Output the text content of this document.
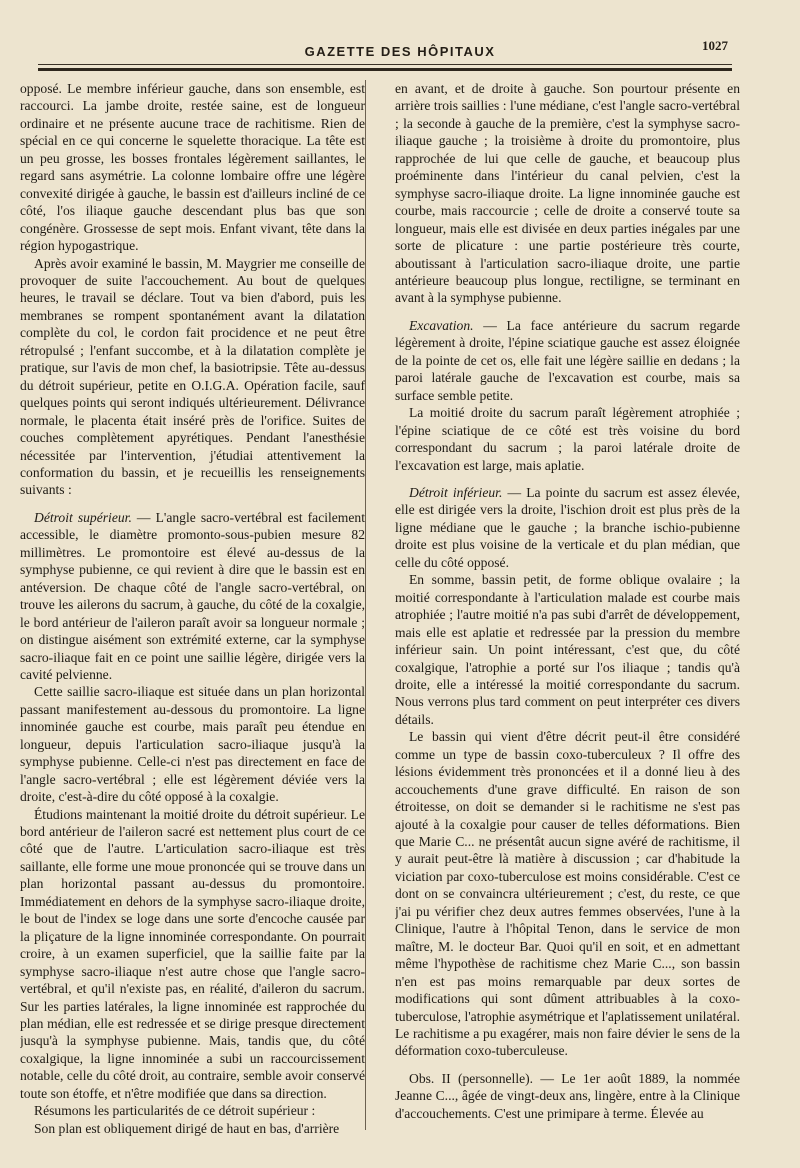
1027
GAZETTE DES HÔPITAUX

opposé. Le membre inférieur gauche, dans son ensemble, est raccourci. La jambe droite, restée saine, est de longueur ordinaire et ne présente aucune trace de rachitisme. Rien de spécial en ce qui concerne le squelette thoracique. La tête est un peu grosse, les bosses frontales légèrement saillantes, le regard sans asymétrie. La colonne lombaire offre une légère convexité dirigée à gauche, le bassin est d'ailleurs incliné de ce côté, l'os iliaque gauche descendant plus bas que son congénère. Grossesse de sept mois. Enfant vivant, tête dans la région hypogastrique.

Après avoir examiné le bassin, M. Maygrier me conseille de provoquer de suite l'accouchement. Au bout de quelques heures, le travail se déclare. Tout va bien d'abord, puis les membranes se rompent spontanément avant la dilatation complète du col, le cordon fait procidence et ne peut être rétropulsé ; l'enfant succombe, et à la dilatation complète je pratique, sur l'avis de mon chef, la basiotripsie. Tête au-dessus du détroit supérieur, petite en O.I.G.A. Opération facile, sauf quelques points qui seront indiqués ultérieurement. Délivrance normale, le placenta était inséré près de l'orifice. Suites de couches complètement apyrétiques. Pendant l'anesthésie nécessitée par l'intervention, j'étudiai attentivement la conformation du bassin, et je recueillis les renseignements suivants :

Détroit supérieur. — L'angle sacro-vertébral est facilement accessible, le diamètre promonto-sous-pubien mesure 82 millimètres. Le promontoire est élevé au-dessus de la symphyse pubienne, ce qui revient à dire que le bassin est en antéversion. De chaque côté de l'angle sacro-vertébral, on trouve les ailerons du sacrum, à gauche, du côté de la coxalgie, le bord antérieur de l'aileron paraît avoir sa longueur normale ; on distingue aisément son extrémité externe, car la symphyse sacro-iliaque fait en ce point une saillie légère, dirigée vers la cavité pelvienne.

Cette saillie sacro-iliaque est située dans un plan horizontal passant manifestement au-dessous du promontoire. La ligne innominée gauche est courbe, mais paraît peu étendue en longueur, depuis l'articulation sacro-iliaque jusqu'à la symphyse pubienne. Celle-ci n'est pas directement en face de l'angle sacro-vertébral ; elle est légèrement déviée vers la droite, c'est-à-dire du côté opposé à la coxalgie.

Étudions maintenant la moitié droite du détroit supérieur. Le bord antérieur de l'aileron sacré est nettement plus court de ce côté que de l'autre. L'articulation sacro-iliaque est très saillante, elle forme une moue prononcée qui se trouve dans un plan horizontal passant au-dessus du promontoire. Immédiatement en dehors de la symphyse sacro-iliaque droite, le bout de l'index se loge dans une sorte d'encoche causée par la pliçature de la ligne innominée correspondante. On pourrait croire, à un examen superficiel, que la saillie faite par la symphyse sacro-iliaque n'est autre chose que l'angle sacro-vertébral, et qu'il n'existe pas, en réalité, d'aileron du sacrum. Sur les parties latérales, la ligne innominée est rapprochée du plan médian, elle est redressée et se dirige presque directement jusqu'à la symphyse pubienne. Mais, tandis que, du côté coxalgique, la ligne innominée a subi un raccourcissement notable, celle du côté droit, au contraire, semble avoir conservé toute son étoffe, et n'être modifiée que dans sa direction.

Résumons les particularités de ce détroit supérieur :

Son plan est obliquement dirigé de haut en bas, d'arrière

en avant, et de droite à gauche. Son pourtour présente en arrière trois saillies : l'une médiane, c'est l'angle sacro-vertébral ; la seconde à gauche de la première, c'est la symphyse sacro-iliaque gauche ; la troisième à droite du promontoire, plus rapprochée de lui que celle de gauche, et beaucoup plus proéminente dans l'intérieur du canal pelvien, c'est la symphyse sacro-iliaque droite. La ligne innominée gauche est courbe, mais raccourcie ; celle de droite a conservé toute sa longueur, mais elle est divisée en deux parties inégales par une sorte de plicature : une partie postérieure très courte, aboutissant à l'articulation sacro-iliaque droite, une partie antérieure beaucoup plus longue, rectiligne, se terminant en avant à la symphyse pubienne.

Excavation. — La face antérieure du sacrum regarde légèrement à droite, l'épine sciatique gauche est assez éloignée de la pointe de cet os, elle fait une légère saillie en dedans ; la paroi latérale gauche de l'excavation est courbe, mais sa surface semble petite.

La moitié droite du sacrum paraît légèrement atrophiée ; l'épine sciatique de ce côté est très voisine du bord correspondant du sacrum ; la paroi latérale droite de l'excavation est large, mais aplatie.

Détroit inférieur. — La pointe du sacrum est assez élevée, elle est dirigée vers la droite, l'ischion droit est plus près de la ligne médiane que le gauche ; la branche ischio-pubienne droite est plus voisine de la verticale et du plan médian, que celle du côté opposé.

En somme, bassin petit, de forme oblique ovalaire ; la moitié correspondante à l'articulation malade est courbe mais atrophiée ; l'autre moitié n'a pas subi d'arrêt de développement, mais elle est aplatie et redressée par la pression du membre inférieur sain. Un point intéressant, c'est que, du côté coxalgique, l'atrophie a porté sur l'os iliaque ; tandis qu'à droite, elle a intéressé la moitié correspondante du sacrum. Nous verrons plus tard comment on peut interpréter ces divers détails.

Le bassin qui vient d'être décrit peut-il être considéré comme un type de bassin coxo-tuberculeux ? Il offre des lésions évidemment très prononcées et il a donné lieu à des accouchements d'une grave difficulté. En raison de son étroitesse, on doit se demander si le rachitisme ne s'est pas ajouté à la coxalgie pour causer de telles déformations. Bien que Marie C... ne présentât aucun signe avéré de rachitisme, il y aurait peut-être là matière à discussion ; car d'habitude la viciation par coxo-tuberculose est moins considérable. C'est ce dont on se convaincra ultérieurement ; c'est, du reste, ce que j'ai pu vérifier chez deux autres femmes observées, l'une à la Clinique, l'autre à l'hôpital Tenon, dans le service de mon maître, M. le docteur Bar. Quoi qu'il en soit, et en admettant même l'hypothèse de rachitisme chez Marie C..., son bassin n'en est pas moins remarquable par deux sortes de modifications qui sont dûment attribuables à la coxo-tuberculose, l'atrophie asymétrique et l'aplatissement unilatéral. Le rachitisme a pu exagérer, mais non faire dévier le sens de la déformation coxo-tuberculeuse.

Obs. II (personnelle). — Le 1er août 1889, la nommée Jeanne C..., âgée de vingt-deux ans, lingère, entre à la Clinique d'accouchements. C'est une primipare à terme. Élevée au
